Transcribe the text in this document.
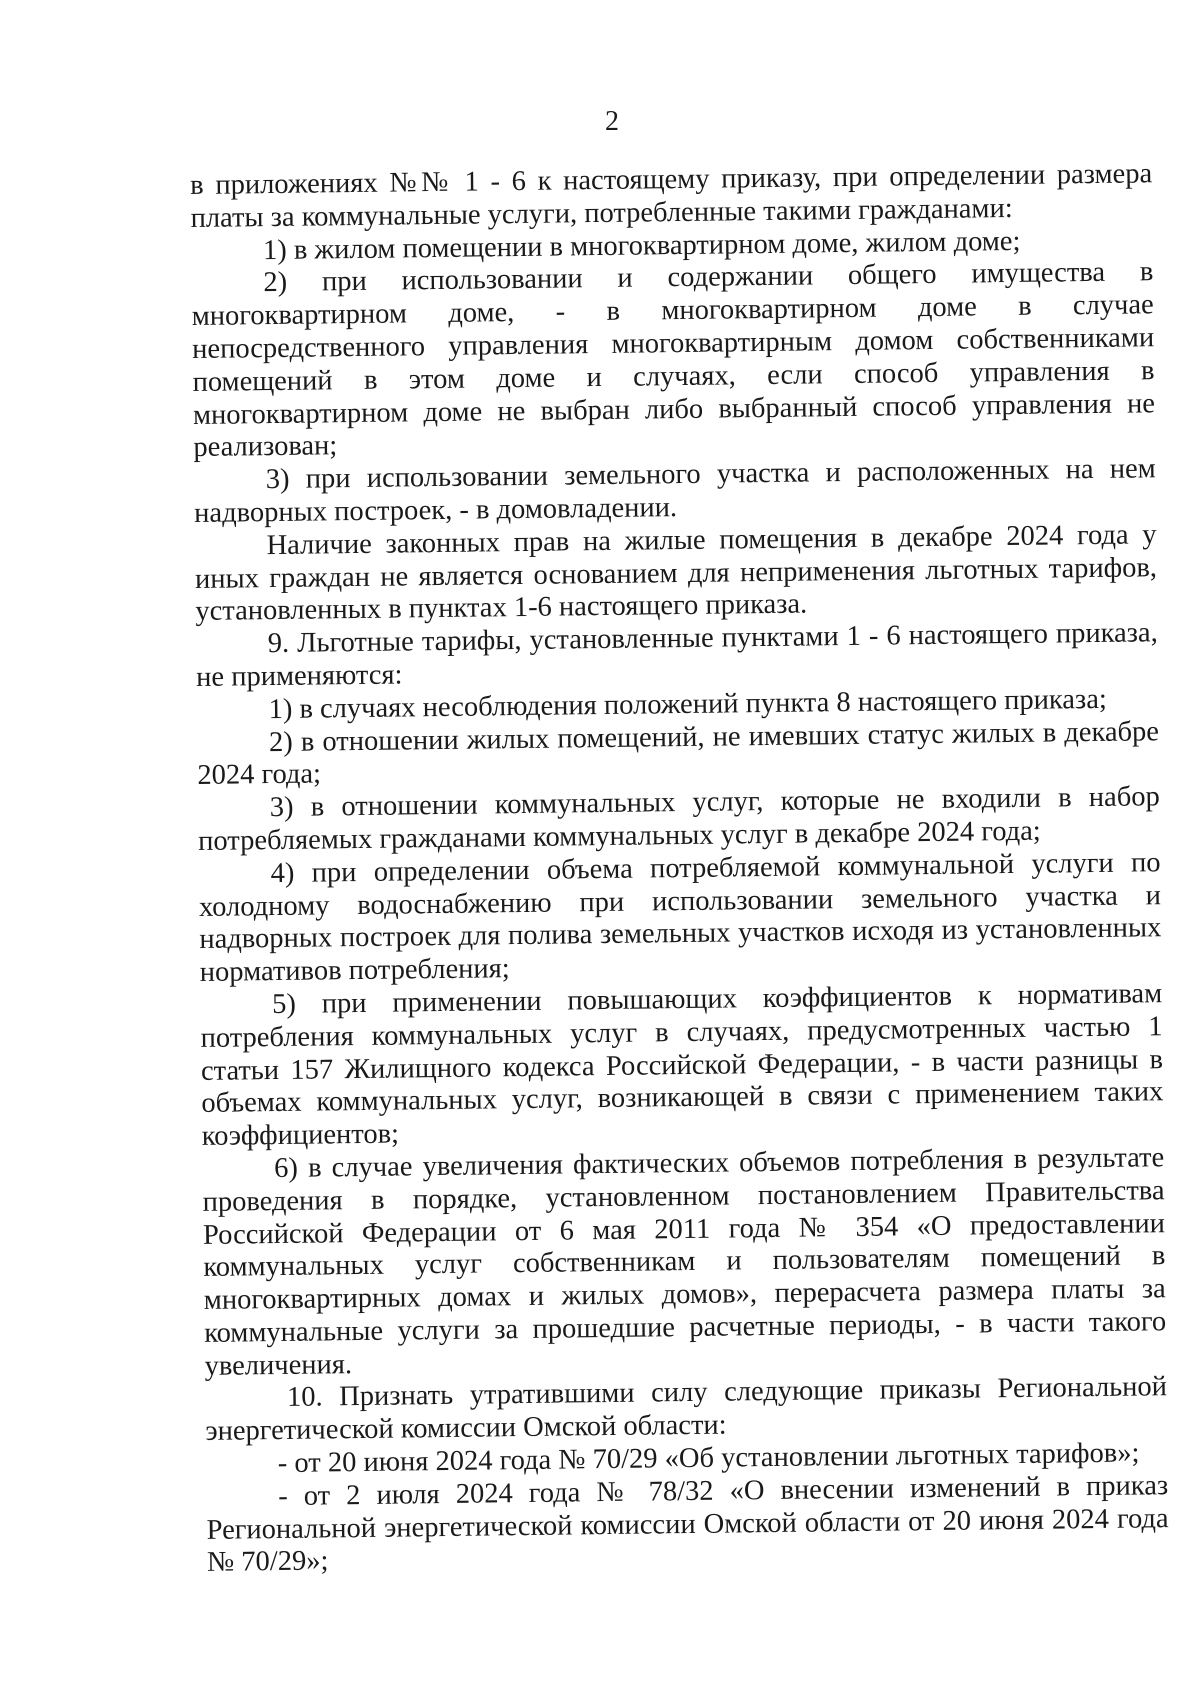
2

в приложениях №№ 1 - 6 к настоящему приказу, при определении размера платы за коммунальные услуги, потребленные такими гражданами:

1) в жилом помещении в многоквартирном доме, жилом доме;

2) при использовании и содержании общего имущества в многоквартирном доме, - в многоквартирном доме в случае непосредственного управления многоквартирным домом собственниками помещений в этом доме и случаях, если способ управления в многоквартирном доме не выбран либо выбранный способ управления не реализован;

3) при использовании земельного участка и расположенных на нем надворных построек, - в домовладении.

Наличие законных прав на жилые помещения в декабре 2024 года у иных граждан не является основанием для неприменения льготных тарифов, установленных в пунктах 1-6 настоящего приказа.

9. Льготные тарифы, установленные пунктами 1 - 6 настоящего приказа, не применяются:

1) в случаях несоблюдения положений пункта 8 настоящего приказа;

2) в отношении жилых помещений, не имевших статус жилых в декабре 2024 года;

3) в отношении коммунальных услуг, которые не входили в набор потребляемых гражданами коммунальных услуг в декабре 2024 года;

4) при определении объема потребляемой коммунальной услуги по холодному водоснабжению при использовании земельного участка и надворных построек для полива земельных участков исходя из установленных нормативов потребления;

5) при применении повышающих коэффициентов к нормативам потребления коммунальных услуг в случаях, предусмотренных частью 1 статьи 157 Жилищного кодекса Российской Федерации, - в части разницы в объемах коммунальных услуг, возникающей в связи с применением таких коэффициентов;

6) в случае увеличения фактических объемов потребления в результате проведения в порядке, установленном постановлением Правительства Российской Федерации от 6 мая 2011 года № 354 «О предоставлении коммунальных услуг собственникам и пользователям помещений в многоквартирных домах и жилых домов», перерасчета размера платы за коммунальные услуги за прошедшие расчетные периоды, - в части такого увеличения.

10. Признать утратившими силу следующие приказы Региональной энергетической комиссии Омской области:

- от 20 июня 2024 года № 70/29 «Об установлении льготных тарифов»;

- от 2 июля 2024 года № 78/32 «О внесении изменений в приказ Региональной энергетической комиссии Омской области от 20 июня 2024 года № 70/29»;
